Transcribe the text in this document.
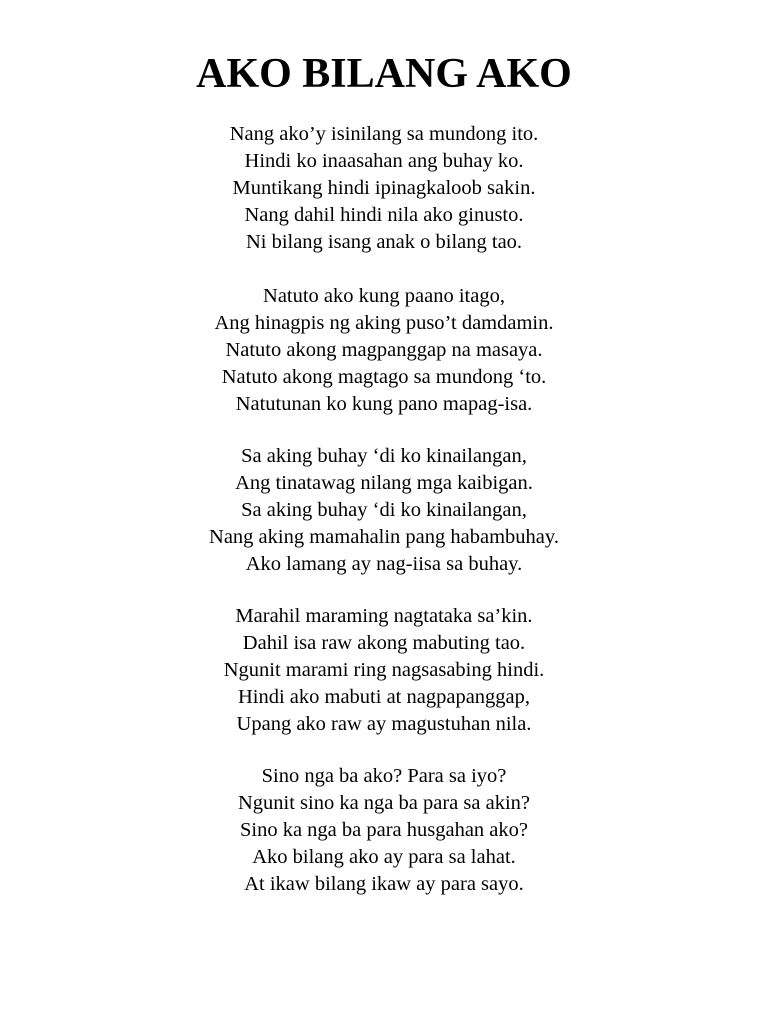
AKO BILANG AKO
Nang ako’y isinilang sa mundong ito.
Hindi ko inaasahan ang buhay ko.
Muntikang hindi ipinagkaloob sakin.
Nang dahil hindi nila ako ginusto.
Ni bilang isang anak o bilang tao.
Natuto ako kung paano itago,
Ang hinagpis ng aking puso’t damdamin.
Natuto akong magpanggap na masaya.
Natuto akong magtago sa mundong ‘to.
Natutunan ko kung pano mapag-isa.
Sa aking buhay ‘di ko kinailangan,
Ang tinatawag nilang mga kaibigan.
Sa aking buhay ‘di ko kinailangan,
Nang aking mamahalin pang habambuhay.
Ako lamang ay nag-iisa sa buhay.
Marahil maraming nagtataka sa’kin.
Dahil isa raw akong mabuting tao.
Ngunit marami ring nagsasabing hindi.
Hindi ako mabuti at nagpapanggap,
Upang ako raw ay magustuhan nila.
Sino nga ba ako? Para sa iyo?
Ngunit sino ka nga ba para sa akin?
Sino ka nga ba para husgahan ako?
Ako bilang ako ay para sa lahat.
At ikaw bilang ikaw ay para sayo.
